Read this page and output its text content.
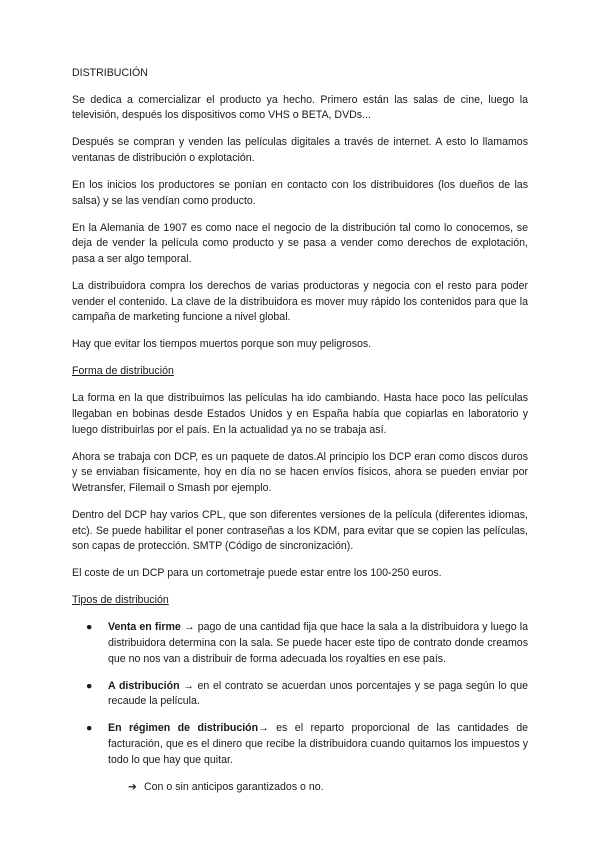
DISTRIBUCIÓN

Se dedica a comercializar el producto ya hecho. Primero están las salas de cine, luego la televisión, después los dispositivos como VHS o BETA, DVDs...

Después se compran y venden las películas digitales a través de internet. A esto lo llamamos ventanas de distribución o explotación.

En los inicios los productores se ponían en contacto con los distribuidores (los dueños de las salsa) y se las vendían como producto.

En la Alemania de 1907 es como nace el negocio de la distribución tal como lo conocemos, se deja de vender la película como producto y se pasa a vender como derechos de explotación, pasa a ser algo temporal.

La distribuidora compra los derechos de varias productoras y negocia con el resto para poder vender el contenido. La clave de la distribuidora es mover muy rápido los contenidos para que la campaña de marketing funcione a nivel global.

Hay que evitar los tiempos muertos porque son muy peligrosos.

Forma de distribución

La forma en la que distribuimos las películas ha ido cambiando. Hasta hace poco las películas llegaban en bobinas desde Estados Unidos y en España había que copiarlas en laboratorio y luego distribuirlas por el país. En la actualidad ya no se trabaja así.

Ahora se trabaja con DCP, es un paquete de datos.Al principio los DCP eran como discos duros y se enviaban físicamente, hoy en día no se hacen envíos físicos, ahora se pueden enviar por Wetransfer, Filemail o Smash por ejemplo.

Dentro del DCP hay varios CPL, que son diferentes versiones de la película (diferentes idiomas, etc). Se puede habilitar el poner contraseñas a los KDM, para evitar que se copien las películas, son capas de protección. SMTP (Código de sincronización).

El coste de un DCP para un cortometraje puede estar entre los 100-250 euros.

Tipos de distribución
● Venta en firme → pago de una cantidad fija que hace la sala a la distribuidora y luego la distribuidora determina con la sala. Se puede hacer este tipo de contrato donde creamos que no nos van a distribuir de forma adecuada los royalties en ese país.
● A distribución → en el contrato se acuerdan unos porcentajes y se paga según lo que recaude la película.
● En régimen de distribución→ es el reparto proporcional de las cantidades de facturación, que es el dinero que recibe la distribuidora cuando quitamos los impuestos y todo lo que hay que quitar.
➔ Con o sin anticipos garantizados o no.
